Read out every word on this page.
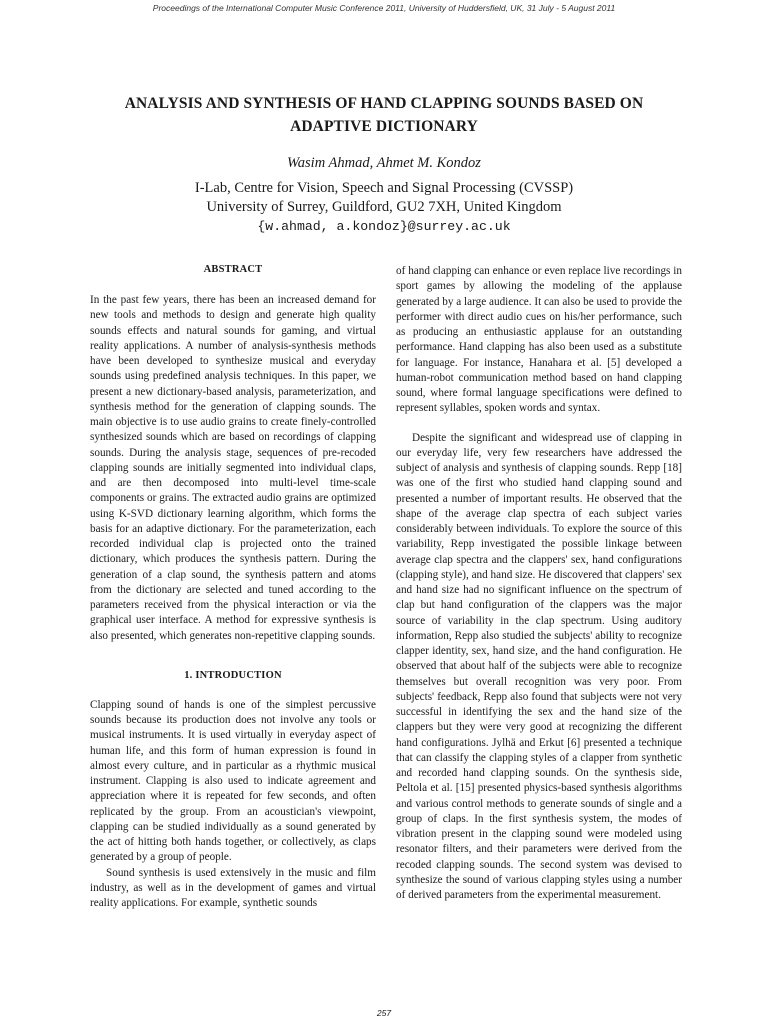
Proceedings of the International Computer Music Conference 2011, University of Huddersfield, UK, 31 July - 5 August 2011
ANALYSIS AND SYNTHESIS OF HAND CLAPPING SOUNDS BASED ON
ADAPTIVE DICTIONARY
Wasim Ahmad, Ahmet M. Kondoz
I-Lab, Centre for Vision, Speech and Signal Processing (CVSSP)
University of Surrey, Guildford, GU2 7XH, United Kingdom
{w.ahmad, a.kondoz}@surrey.ac.uk

ABSTRACT

In the past few years, there has been an increased demand for new tools and methods to design and generate high quality sounds effects and natural sounds for gaming, and virtual reality applications. A number of analysis-synthesis methods have been developed to synthesize musical and everyday sounds using predefined analysis techniques. In this paper, we present a new dictionary-based analysis, parameterization, and synthesis method for the generation of clapping sounds. The main objective is to use audio grains to create finely-controlled synthesized sounds which are based on recordings of clapping sounds. During the analysis stage, sequences of pre-recoded clapping sounds are initially segmented into individual claps, and are then decomposed into multi-level time-scale components or grains. The extracted audio grains are optimized using K-SVD dictionary learning algorithm, which forms the basis for an adaptive dictionary. For the parameterization, each recorded individual clap is projected onto the trained dictionary, which produces the synthesis pattern. During the generation of a clap sound, the synthesis pattern and atoms from the dictionary are selected and tuned according to the parameters received from the physical interaction or via the graphical user interface. A method for expressive synthesis is also presented, which generates non-repetitive clapping sounds.

1. INTRODUCTION

Clapping sound of hands is one of the simplest percussive sounds because its production does not involve any tools or musical instruments. It is used virtually in everyday aspect of human life, and this form of human expression is found in almost every culture, and in particular as a rhythmic musical instrument. Clapping is also used to indicate agreement and appreciation where it is repeated for few seconds, and often replicated by the group. From an acoustician's viewpoint, clapping can be studied individually as a sound generated by the act of hitting both hands together, or collectively, as claps generated by a group of people.

Sound synthesis is used extensively in the music and film industry, as well as in the development of games and virtual reality applications. For example, synthetic sounds

of hand clapping can enhance or even replace live recordings in sport games by allowing the modeling of the applause generated by a large audience. It can also be used to provide the performer with direct audio cues on his/her performance, such as producing an enthusiastic applause for an outstanding performance. Hand clapping has also been used as a substitute for language. For instance, Hanahara et al. [5] developed a human-robot communication method based on hand clapping sound, where formal language specifications were defined to represent syllables, spoken words and syntax.

Despite the significant and widespread use of clapping in our everyday life, very few researchers have addressed the subject of analysis and synthesis of clapping sounds. Repp [18] was one of the first who studied hand clapping sound and presented a number of important results. He observed that the shape of the average clap spectra of each subject varies considerably between individuals. To explore the source of this variability, Repp investigated the possible linkage between average clap spectra and the clappers' sex, hand configurations (clapping style), and hand size. He discovered that clappers' sex and hand size had no significant influence on the spectrum of clap but hand configuration of the clappers was the major source of variability in the clap spectrum. Using auditory information, Repp also studied the subjects' ability to recognize clapper identity, sex, hand size, and the hand configuration. He observed that about half of the subjects were able to recognize themselves but overall recognition was very poor. From subjects' feedback, Repp also found that subjects were not very successful in identifying the sex and the hand size of the clappers but they were very good at recognizing the different hand configurations. Jylhä and Erkut [6] presented a technique that can classify the clapping styles of a clapper from synthetic and recorded hand clapping sounds. On the synthesis side, Peltola et al. [15] presented physics-based synthesis algorithms and various control methods to generate sounds of single and a group of claps. In the first synthesis system, the modes of vibration present in the clapping sound were modeled using resonator filters, and their parameters were derived from the recoded clapping sounds. The second system was devised to synthesize the sound of various clapping styles using a number of derived parameters from the experimental measurement.

257
